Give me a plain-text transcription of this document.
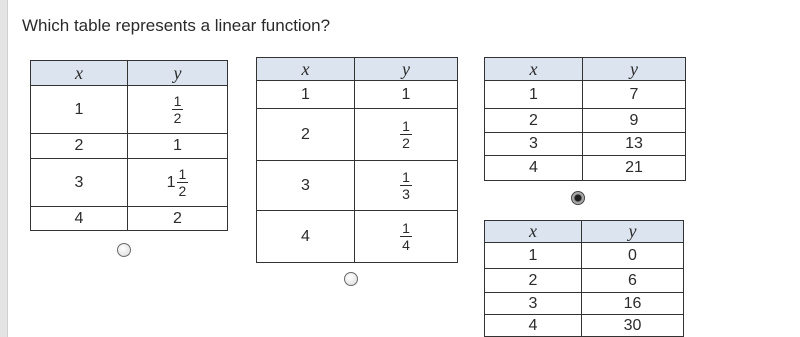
Which table represents a linear function?
x	y
1	$\frac{1}{2}$

2	1
3	$1 \frac{1}{2}$

4	2
x	y
1	1
2	$\frac{1}{2}$

3	$\frac{1}{3}$

4	$\frac{1}{4}$
x	y
1	7
2	9
3	13
4	21
x	y
1	0
2	6
3	16
4	30
